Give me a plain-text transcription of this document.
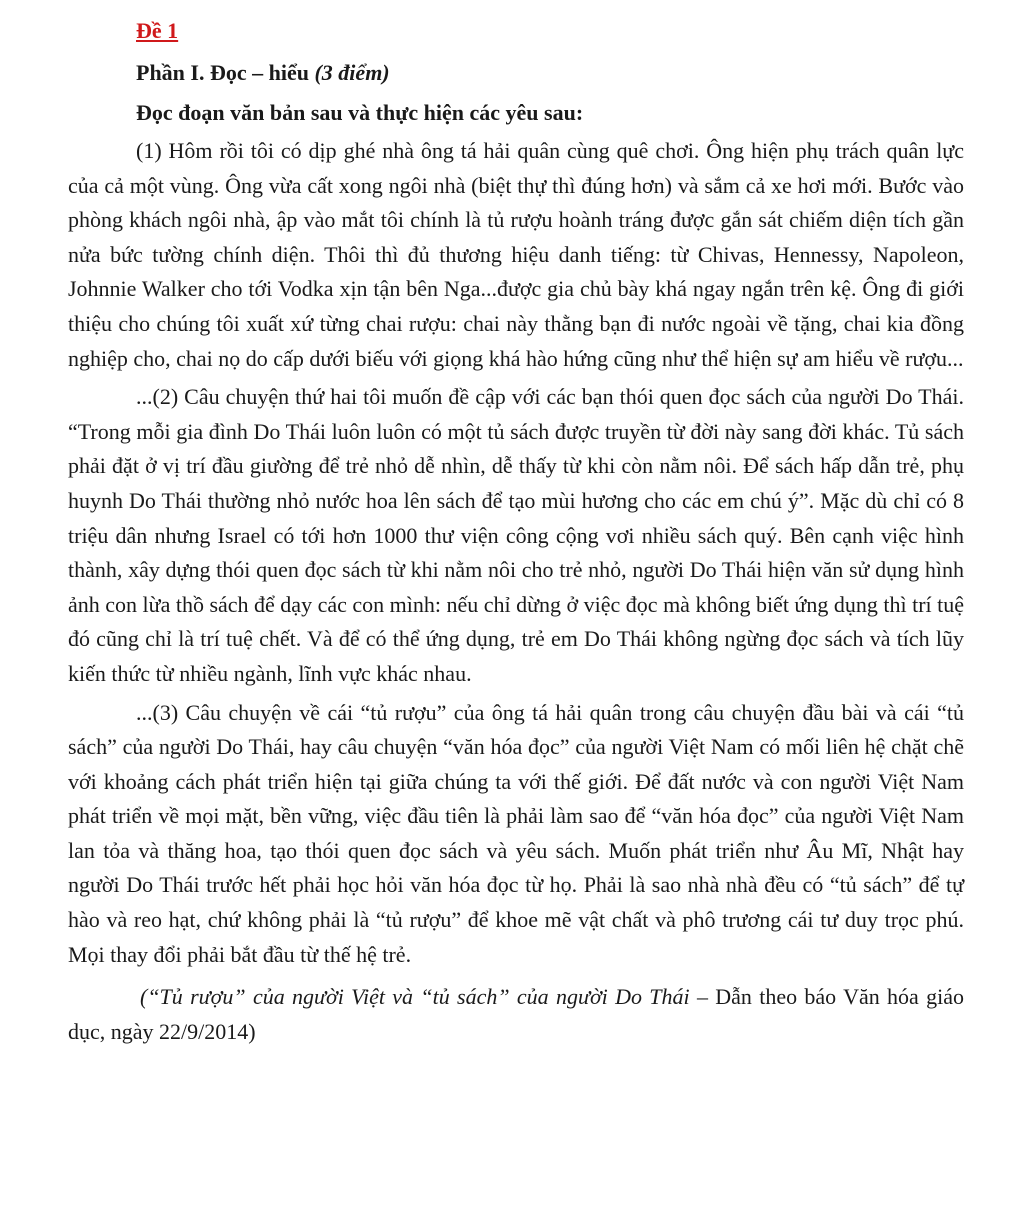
Đề 1
Phần I. Đọc – hiểu (3 điểm)
Đọc đoạn văn bản sau và thực hiện các yêu sau:

(1) Hôm rồi tôi có dịp ghé nhà ông tá hải quân cùng quê chơi. Ông hiện phụ trách quân lực của cả một vùng. Ông vừa cất xong ngôi nhà (biệt thự thì đúng hơn) và sắm cả xe hơi mới. Bước vào phòng khách ngôi nhà, ập vào mắt tôi chính là tủ rượu hoành tráng được gắn sát chiếm diện tích gần nửa bức tường chính diện. Thôi thì đủ thương hiệu danh tiếng: từ Chivas, Hennessy, Napoleon, Johnnie Walker cho tới Vodka xịn tận bên Nga...được gia chủ bày khá ngay ngắn trên kệ. Ông đi giới thiệu cho chúng tôi xuất xứ từng chai rượu: chai này thằng bạn đi nước ngoài về tặng, chai kia đồng nghiệp cho, chai nọ do cấp dưới biếu với giọng khá hào hứng cũng như thể hiện sự am hiểu về rượu...

...(2) Câu chuyện thứ hai tôi muốn đề cập với các bạn thói quen đọc sách của người Do Thái. “Trong mỗi gia đình Do Thái luôn luôn có một tủ sách được truyền từ đời này sang đời khác. Tủ sách phải đặt ở vị trí đầu giường để trẻ nhỏ dễ nhìn, dễ thấy từ khi còn nằm nôi. Để sách hấp dẫn trẻ, phụ huynh Do Thái thường nhỏ nước hoa lên sách để tạo mùi hương cho các em chú ý”. Mặc dù chỉ có 8 triệu dân nhưng Israel có tới hơn 1000 thư viện công cộng vơi nhiều sách quý. Bên cạnh việc hình thành, xây dựng thói quen đọc sách từ khi nằm nôi cho trẻ nhỏ, người Do Thái hiện văn sử dụng hình ảnh con lừa thồ sách để dạy các con mình: nếu chỉ dừng ở việc đọc mà không biết ứng dụng thì trí tuệ đó cũng chỉ là trí tuệ chết. Và để có thể ứng dụng, trẻ em Do Thái không ngừng đọc sách và tích lũy kiến thức từ nhiều ngành, lĩnh vực khác nhau.

...(3) Câu chuyện về cái “tủ rượu” của ông tá hải quân trong câu chuyện đầu bài và cái “tủ sách” của người Do Thái, hay câu chuyện “văn hóa đọc” của người Việt Nam có mối liên hệ chặt chẽ với khoảng cách phát triển hiện tại giữa chúng ta với thế giới. Để đất nước và con người Việt Nam phát triển về mọi mặt, bền vững, việc đầu tiên là phải làm sao để “văn hóa đọc” của người Việt Nam lan tỏa và thăng hoa, tạo thói quen đọc sách và yêu sách. Muốn phát triển như Âu Mĩ, Nhật hay người Do Thái trước hết phải học hỏi văn hóa đọc từ họ. Phải là sao nhà nhà đều có “tủ sách” để tự hào và reo hạt, chứ không phải là “tủ rượu” để khoe mẽ vật chất và phô trương cái tư duy trọc phú. Mọi thay đổi phải bắt đầu từ thế hệ trẻ.

(“Tủ rượu” của người Việt và “tủ sách” của người Do Thái – Dẫn theo báo Văn hóa giáo dục, ngày 22/9/2014)
